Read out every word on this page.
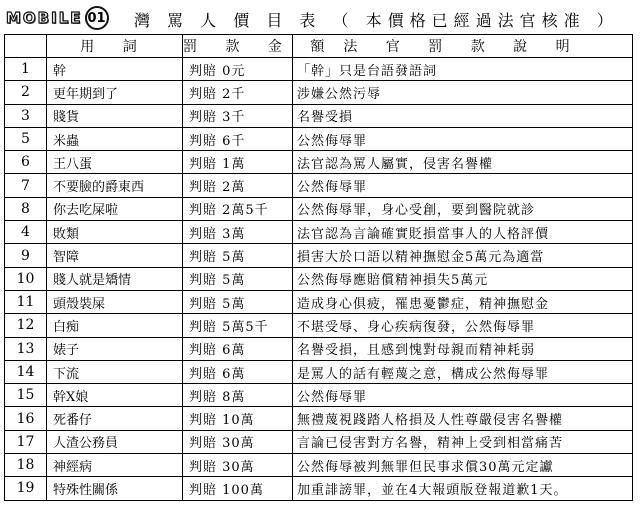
MOBILE 01 灣 罵 人 價 目 表 （ 本價格已經過法官核准 ）
	用 詞	罰 款 金 額	法 官 罰 款 說 明
1	幹	判賠 0元	「幹」只是台語發語詞
2	更年期到了	判賠 2千	涉嫌公然污辱
3	賤貨	判賠 3千	名譽受損
5	米蟲	判賠 6千	公然侮辱罪
6	王八蛋	判賠 1萬	法官認為罵人屬實，侵害名譽權
7	不要臉的爵東西	判賠 2萬	公然侮辱罪
8	你去吃屎啦	判賠 2萬5千	公然侮辱罪，身心受創，要到醫院就診
4	敗類	判賠 3萬	法官認為言論確實貶損當事人的人格評價
9	智障	判賠 5萬	損害大於口語以精神撫慰金5萬元為適當
10	賤人就是矯情	判賠 5萬	公然侮辱應賠償精神損失5萬元
11	頭殼裝屎	判賠 5萬	造成身心俱疲，罹患憂鬱症，精神撫慰金
12	白痴	判賠 5萬5千	不堪受辱、身心疾病復發，公然侮辱罪
13	婊子	判賠 6萬	名譽受損，且感到愧對母親而精神耗弱
14	下流	判賠 6萬	是罵人的話有輕蔑之意，構成公然侮辱罪
15	幹X娘	判賠 8萬	公然侮辱罪
16	死番仔	判賠 10萬	無禮蔑視踐踏人格損及人性尊嚴侵害名譽權
17	人渣公務員	判賠 30萬	言論已侵害對方名譽，精神上受到相當痛苦
18	神經病	判賠 30萬	公然侮辱被判無罪但民事求償30萬元定讞
19	特殊性關係	判賠 100萬	加重誹謗罪，並在4大報頭版登報道歉1天。
